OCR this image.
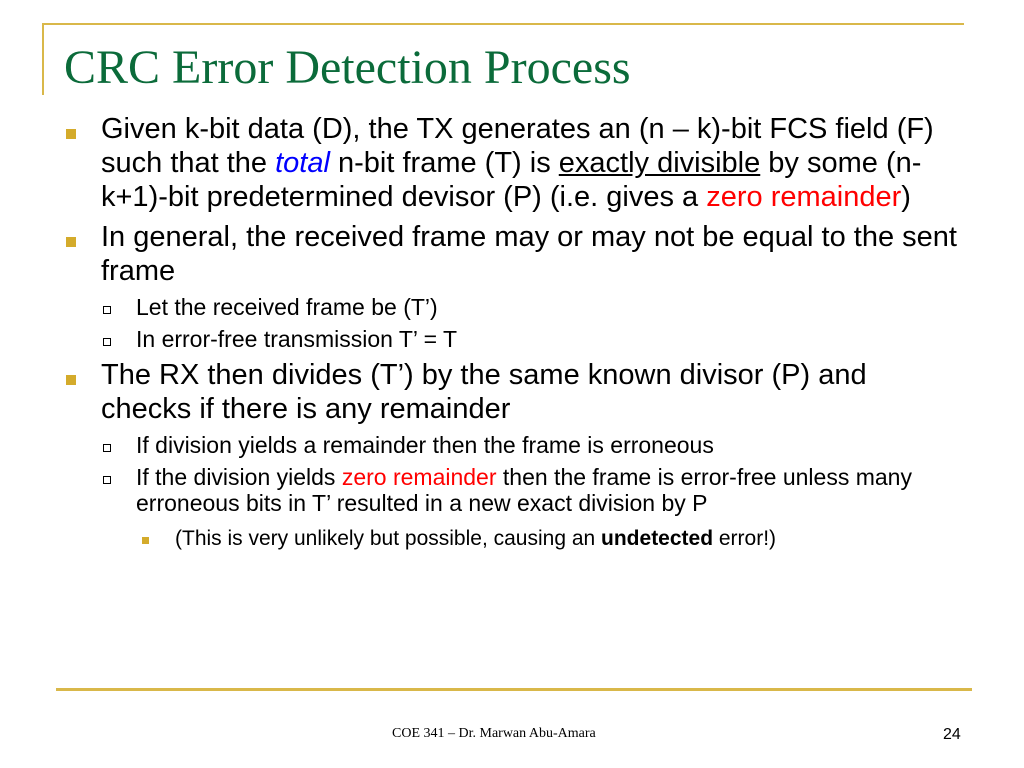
CRC Error Detection Process
Given k-bit data (D), the TX generates an (n – k)-bit FCS field (F) such that the total n-bit frame (T) is exactly divisible by some (n-k+1)-bit predetermined devisor (P) (i.e. gives a zero remainder)
In general, the received frame may or may not be equal to the sent frame
Let the received frame be (T’)
In error-free transmission T’ = T
The RX then divides (T’) by the same known divisor (P) and checks if there is any remainder
If division yields a remainder then the frame is erroneous
If the division yields zero remainder then the frame is error-free unless many erroneous bits in T’ resulted in a new exact division by P
(This is very unlikely but possible, causing an undetected error!)
COE 341 – Dr. Marwan Abu-Amara	24
